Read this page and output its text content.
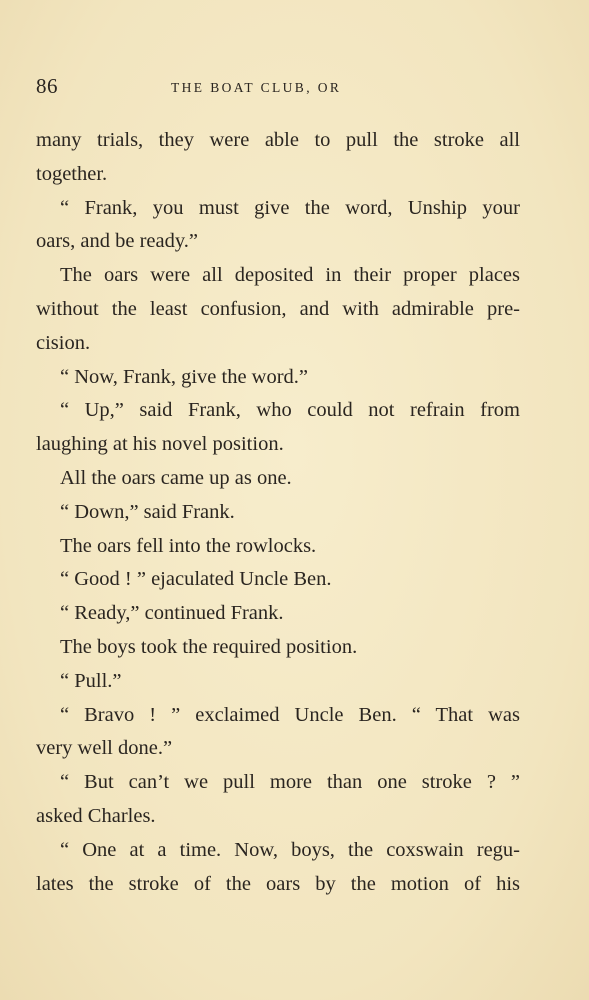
86	THE BOAT CLUB, OR
many trials, they were able to pull the stroke all
together.
“ Frank, you must give the word, Unship your
oars, and be ready.”
The oars were all deposited in their proper places
without the least confusion, and with admirable pre-
cision.
“ Now, Frank, give the word.”
“ Up,” said Frank, who could not refrain from
laughing at his novel position.
All the oars came up as one.
“ Down,” said Frank.
The oars fell into the rowlocks.
“ Good ! ” ejaculated Uncle Ben.
“ Ready,” continued Frank.
The boys took the required position.
“ Pull.”
“ Bravo ! ” exclaimed Uncle Ben. “ That was
very well done.”
“ But can’t we pull more than one stroke ? ”
asked Charles.
“ One at a time. Now, boys, the coxswain regu-
lates the stroke of the oars by the motion of his
